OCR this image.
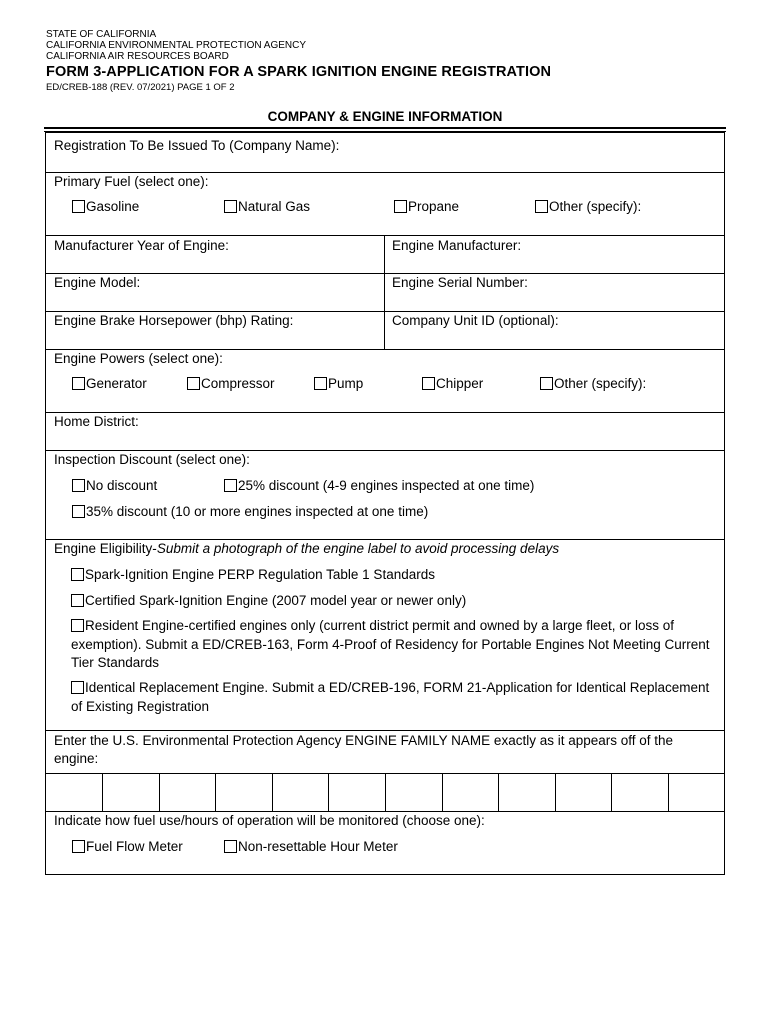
STATE OF CALIFORNIA
CALIFORNIA ENVIRONMENTAL PROTECTION AGENCY
CALIFORNIA AIR RESOURCES BOARD
FORM 3-APPLICATION FOR A SPARK IGNITION ENGINE REGISTRATION
ED/CREB-188 (REV. 07/2021) PAGE 1 OF 2
COMPANY & ENGINE INFORMATION
Registration To Be Issued To (Company Name):
Primary Fuel (select one):
Gasoline	Natural Gas	Propane	Other (specify):
Manufacturer Year of Engine:	Engine Manufacturer:
Engine Model:	Engine Serial Number:
Engine Brake Horsepower (bhp) Rating:	Company Unit ID (optional):
Engine Powers (select one):
Generator	Compressor	Pump	Chipper	Other (specify):
Home District:
Inspection Discount (select one):
No discount	25% discount (4-9 engines inspected at one time)
35% discount (10 or more engines inspected at one time)
Engine Eligibility-Submit a photograph of the engine label to avoid processing delays
Spark-Ignition Engine PERP Regulation Table 1 Standards
Certified Spark-Ignition Engine (2007 model year or newer only)
Resident Engine-certified engines only (current district permit and owned by a large fleet, or loss of exemption). Submit a ED/CREB-163, Form 4-Proof of Residency for Portable Engines Not Meeting Current Tier Standards
Identical Replacement Engine. Submit a ED/CREB-196, FORM 21-Application for Identical Replacement of Existing Registration
Enter the U.S. Environmental Protection Agency ENGINE FAMILY NAME exactly as it appears off of the engine:
Indicate how fuel use/hours of operation will be monitored (choose one):
Fuel Flow Meter	Non-resettable Hour Meter
